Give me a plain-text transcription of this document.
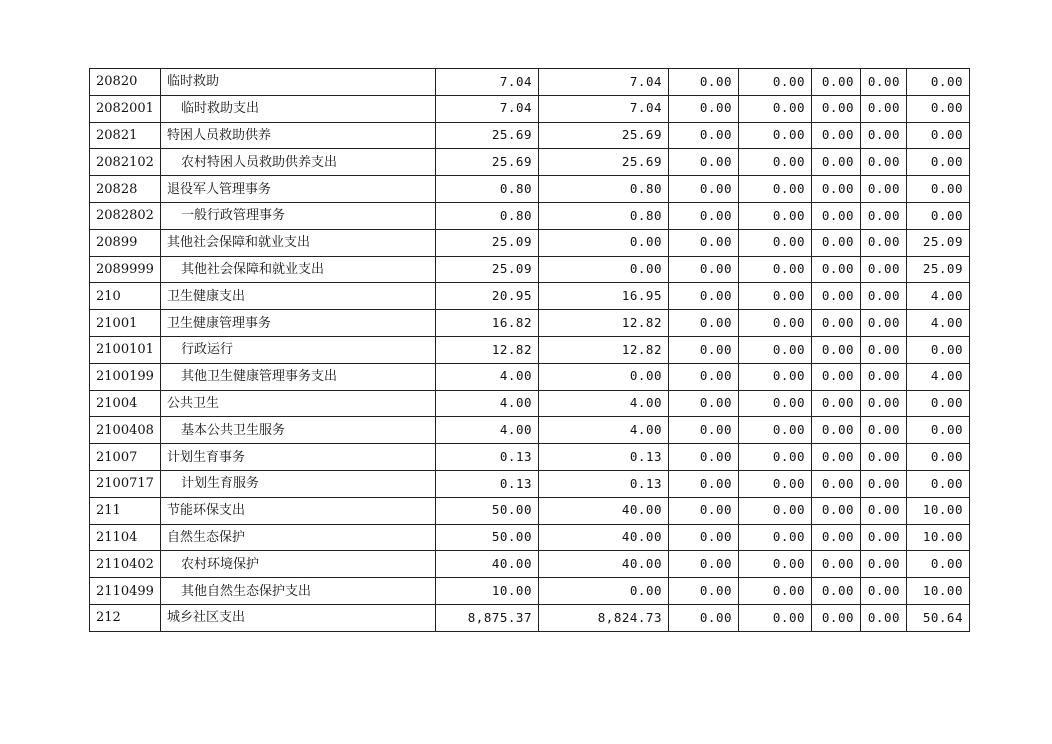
20820	临时救助	7.04	7.04	0.00	0.00	0.00	0.00	0.00
2082001	临时救助支出	7.04	7.04	0.00	0.00	0.00	0.00	0.00
20821	特困人员救助供养	25.69	25.69	0.00	0.00	0.00	0.00	0.00
2082102	农村特困人员救助供养支出	25.69	25.69	0.00	0.00	0.00	0.00	0.00
20828	退役军人管理事务	0.80	0.80	0.00	0.00	0.00	0.00	0.00
2082802	一般行政管理事务	0.80	0.80	0.00	0.00	0.00	0.00	0.00
20899	其他社会保障和就业支出	25.09	0.00	0.00	0.00	0.00	0.00	25.09
2089999	其他社会保障和就业支出	25.09	0.00	0.00	0.00	0.00	0.00	25.09
210	卫生健康支出	20.95	16.95	0.00	0.00	0.00	0.00	4.00
21001	卫生健康管理事务	16.82	12.82	0.00	0.00	0.00	0.00	4.00
2100101	行政运行	12.82	12.82	0.00	0.00	0.00	0.00	0.00
2100199	其他卫生健康管理事务支出	4.00	0.00	0.00	0.00	0.00	0.00	4.00
21004	公共卫生	4.00	4.00	0.00	0.00	0.00	0.00	0.00
2100408	基本公共卫生服务	4.00	4.00	0.00	0.00	0.00	0.00	0.00
21007	计划生育事务	0.13	0.13	0.00	0.00	0.00	0.00	0.00
2100717	计划生育服务	0.13	0.13	0.00	0.00	0.00	0.00	0.00
211	节能环保支出	50.00	40.00	0.00	0.00	0.00	0.00	10.00
21104	自然生态保护	50.00	40.00	0.00	0.00	0.00	0.00	10.00
2110402	农村环境保护	40.00	40.00	0.00	0.00	0.00	0.00	0.00
2110499	其他自然生态保护支出	10.00	0.00	0.00	0.00	0.00	0.00	10.00
212	城乡社区支出	8,875.37	8,824.73	0.00	0.00	0.00	0.00	50.64
